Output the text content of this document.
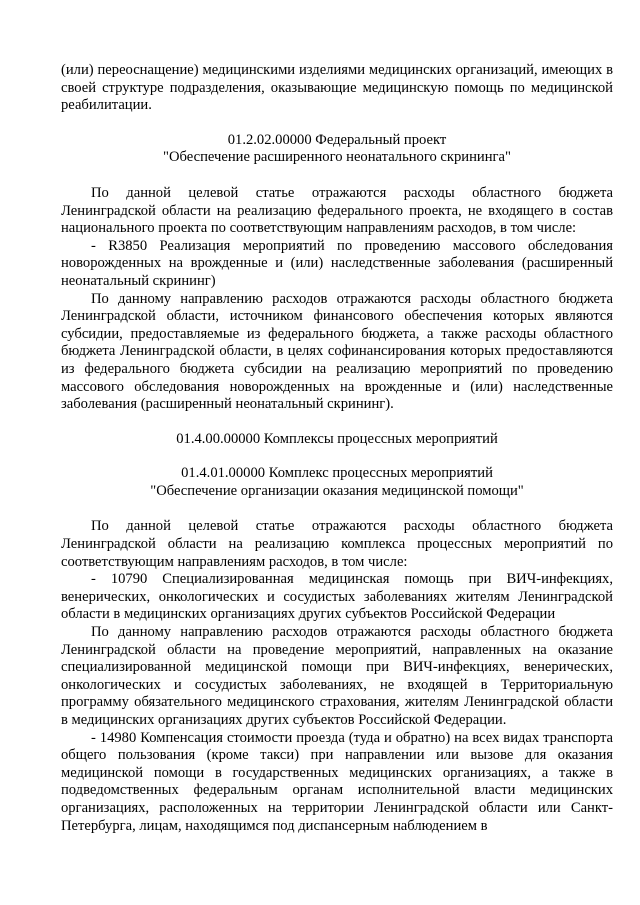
(или) переоснащение) медицинскими изделиями медицинских организаций, имеющих в своей структуре подразделения, оказывающие медицинскую помощь по медицинской реабилитации.

01.2.02.00000 Федеральный проект
"Обеспечение расширенного неонатального скрининга"

По данной целевой статье отражаются расходы областного бюджета Ленинградской области на реализацию федерального проекта, не входящего в состав национального проекта по соответствующим направлениям расходов, в том числе:

- R3850 Реализация мероприятий по проведению массового обследования новорожденных на врожденные и (или) наследственные заболевания (расширенный неонатальный скрининг)

По данному направлению расходов отражаются расходы областного бюджета Ленинградской области, источником финансового обеспечения которых являются субсидии, предоставляемые из федерального бюджета, а также расходы областного бюджета Ленинградской области, в целях софинансирования которых предоставляются из федерального бюджета субсидии на реализацию мероприятий по проведению массового обследования новорожденных на врожденные и (или) наследственные заболевания (расширенный неонатальный скрининг).

01.4.00.00000 Комплексы процессных мероприятий
01.4.01.00000 Комплекс процессных мероприятий
"Обеспечение организации оказания медицинской помощи"

По данной целевой статье отражаются расходы областного бюджета Ленинградской области на реализацию комплекса процессных мероприятий по соответствующим направлениям расходов, в том числе:

- 10790 Специализированная медицинская помощь при ВИЧ-инфекциях, венерических, онкологических и сосудистых заболеваниях жителям Ленинградской области в медицинских организациях других субъектов Российской Федерации

По данному направлению расходов отражаются расходы областного бюджета Ленинградской области на проведение мероприятий, направленных на оказание специализированной медицинской помощи при ВИЧ-инфекциях, венерических, онкологических и сосудистых заболеваниях, не входящей в Территориальную программу обязательного медицинского страхования, жителям Ленинградской области в медицинских организациях других субъектов Российской Федерации.

- 14980 Компенсация стоимости проезда (туда и обратно) на всех видах транспорта общего пользования (кроме такси) при направлении или вызове для оказания медицинской помощи в государственных медицинских организациях, а также в подведомственных федеральным органам исполнительной власти медицинских организациях, расположенных на территории Ленинградской области или Санкт-Петербурга, лицам, находящимся под диспансерным наблюдением в
